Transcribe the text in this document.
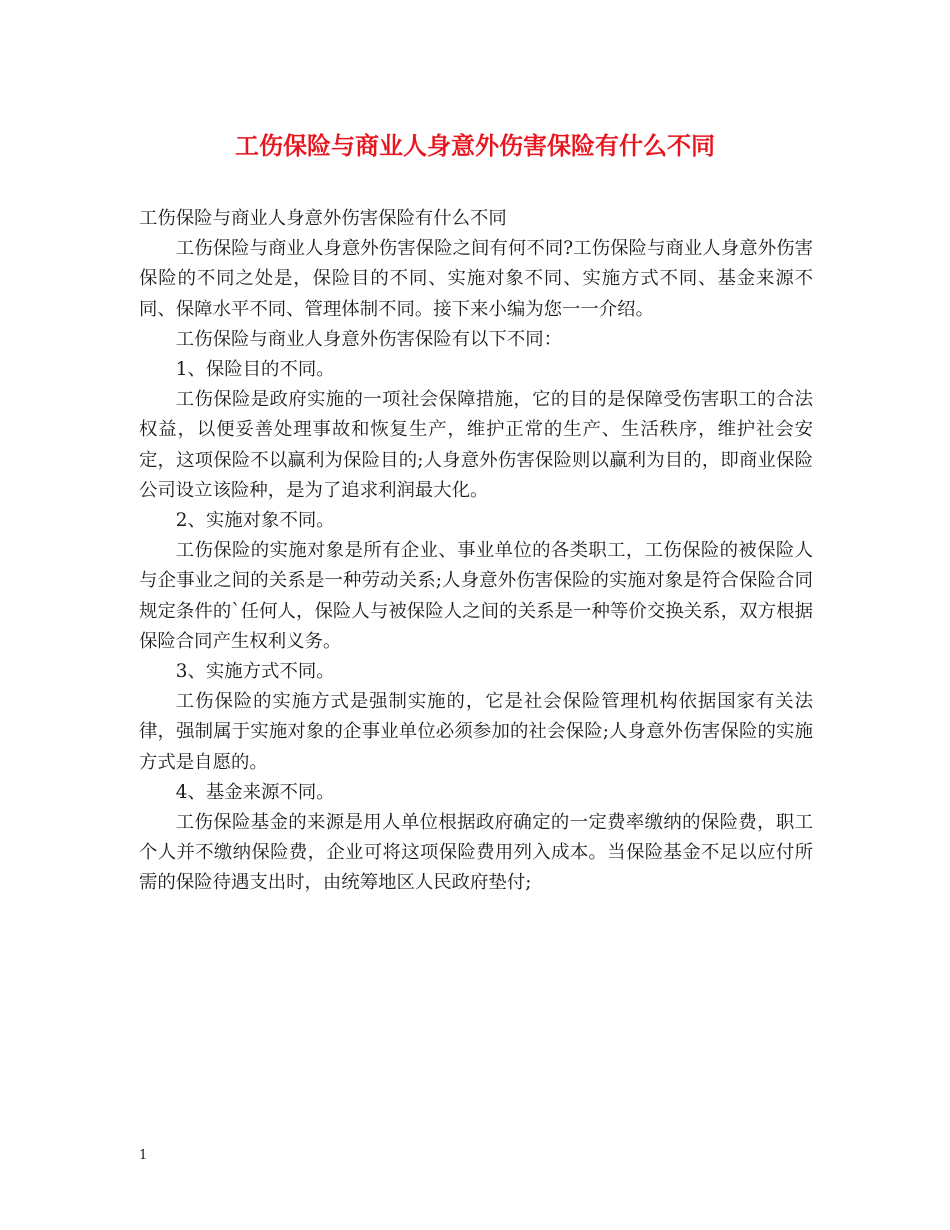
工伤保险与商业人身意外伤害保险有什么不同

工伤保险与商业人身意外伤害保险有什么不同

工伤保险与商业人身意外伤害保险之间有何不同?工伤保险与商业人身意外伤害保险的不同之处是，保险目的不同、实施对象不同、实施方式不同、基金来源不同、保障水平不同、管理体制不同。接下来小编为您一一介绍。

工伤保险与商业人身意外伤害保险有以下不同：

1、保险目的不同。

工伤保险是政府实施的一项社会保障措施，它的目的是保障受伤害职工的合法权益，以便妥善处理事故和恢复生产，维护正常的生产、生活秩序，维护社会安定，这项保险不以赢利为保险目的;人身意外伤害保险则以赢利为目的，即商业保险公司设立该险种，是为了追求利润最大化。

2、实施对象不同。

工伤保险的实施对象是所有企业、事业单位的各类职工，工伤保险的被保险人与企事业之间的关系是一种劳动关系;人身意外伤害保险的实施对象是符合保险合同规定条件的`任何人，保险人与被保险人之间的关系是一种等价交换关系，双方根据保险合同产生权利义务。

3、实施方式不同。

工伤保险的实施方式是强制实施的，它是社会保险管理机构依据国家有关法律，强制属于实施对象的企事业单位必须参加的社会保险;人身意外伤害保险的实施方式是自愿的。

4、基金来源不同。

工伤保险基金的来源是用人单位根据政府确定的一定费率缴纳的保险费，职工个人并不缴纳保险费，企业可将这项保险费用列入成本。当保险基金不足以应付所需的保险待遇支出时，由统筹地区人民政府垫付;

1
